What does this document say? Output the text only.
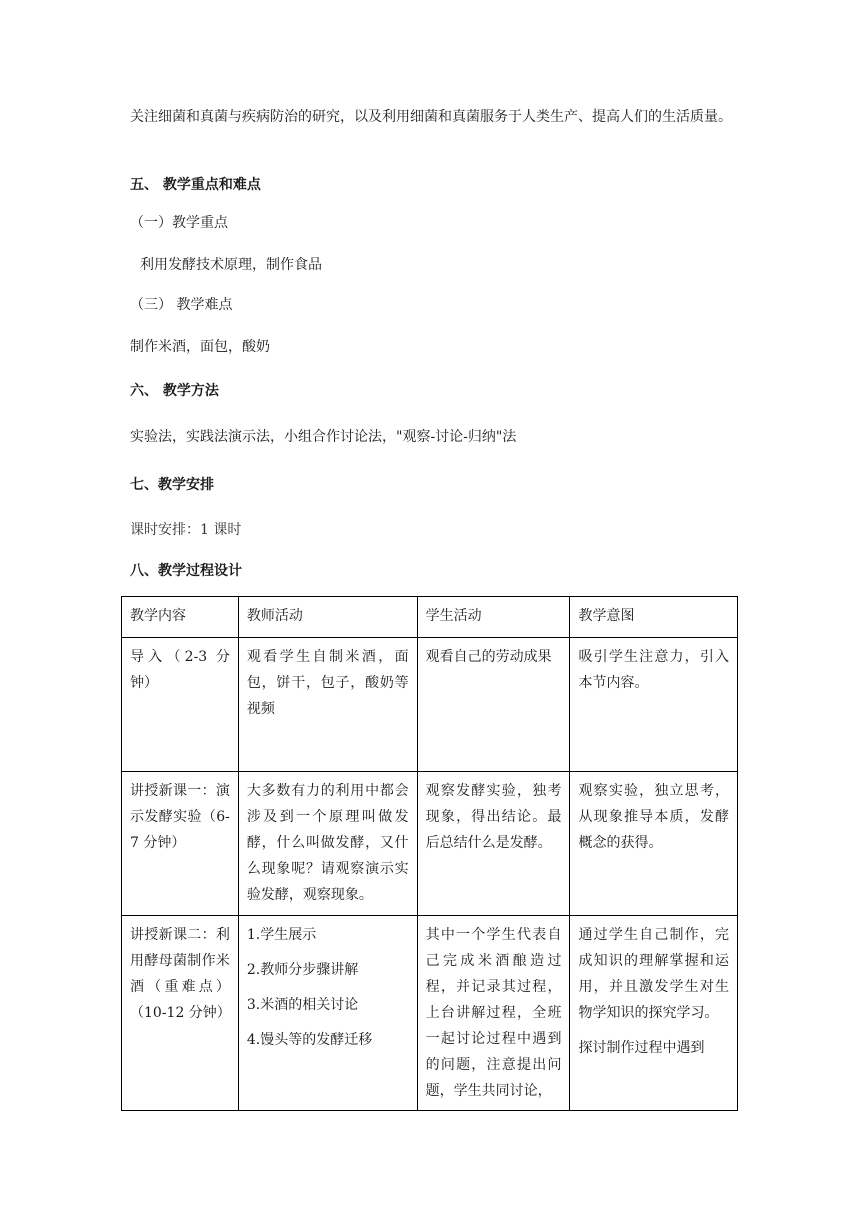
关注细菌和真菌与疾病防治的研究，以及利用细菌和真菌服务于人类生产、提高人们的生活质量。

五、 教学重点和难点

（一）教学重点

利用发酵技术原理，制作食品

（三） 教学难点

制作米酒，面包，酸奶

六、 教学方法

实验法，实践法演示法，小组合作讨论法，"观察-讨论-归纳"法

七、教学安排

课时安排：1 课时

八、教学过程设计

教学内容	教师活动	学生活动	教学意图
导入（2-3 分钟）	观看学生自制米酒，面包，饼干，包子，酸奶等视频	观看自己的劳动成果	吸引学生注意力，引入本节内容。
讲授新课一：演示发酵实验（6-7 分钟）	大多数有力的利用中都会涉及到一个原理叫做发酵，什么叫做发酵，又什么现象呢？请观察演示实验发酵，观察现象。	观察发酵实验，独考现象，得出结论。最后总结什么是发酵。	观察实验，独立思考，从现象推导本质，发酵概念的获得。
讲授新课二：利用酵母菌制作米酒（重难点）（10-12 分钟）	1.学生展示
2.教师分步骤讲解
3.米酒的相关讨论
4.馒头等的发酵迁移	其中一个学生代表自己完成米酒酿造过程，并记录其过程，上台讲解过程，全班一起讨论过程中遇到的问题，注意提出问题，学生共同讨论，	通过学生自己制作，完成知识的理解掌握和运用，并且激发学生对生物学知识的探究学习。
探讨制作过程中遇到
